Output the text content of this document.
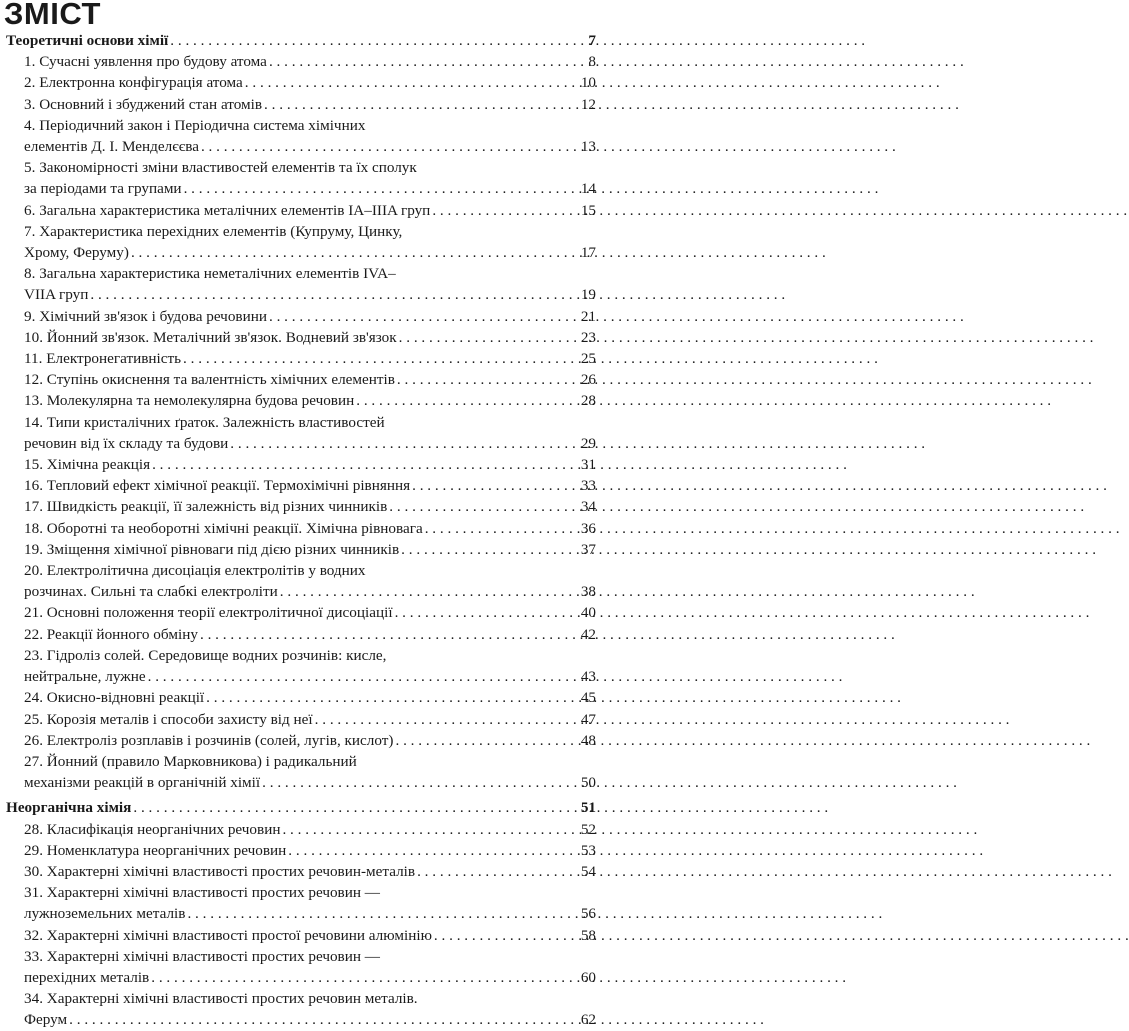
ЗМІСТ
Теоретичні основи хімії . . .	7
1. Сучасні уявлення про будову атома . . .	8
2. Електронна конфігурація атома . . .	10
3. Основний і збуджений стан атомів . . .	12
4. Періодичний закон і Періодична система хімічних
елементів Д. І. Менделєєва . . .	13
5. Закономірності зміни властивостей елементів та їх сполук
за періодами та групами . . .	14
6. Загальна характеристика металічних елементів IA–IIIA груп . . .	15
7. Характеристика перехідних елементів (Купруму, Цинку,
Хрому, Феруму) . . .	17
8. Загальна характеристика неметалічних елементів IVA–
VIIA груп . . .	19
9. Хімічний зв'язок і будова речовини . . .	21
10. Йонний зв'язок. Металічний зв'язок. Водневий зв'язок . . .	23
11. Електронегативність . . .	25
12. Ступінь окиснення та валентність хімічних елементів . . .	26
13. Молекулярна та немолекулярна будова речовин . . .	28
14. Типи кристалічних ґраток. Залежність властивостей
речовин від їх складу та будови . . .	29
15. Хімічна реакція . . .	31
16. Тепловий ефект хімічної реакції. Термохімічні рівняння . . .	33
17. Швидкість реакції, її залежність від різних чинників . . .	34
18. Оборотні та необоротні хімічні реакції. Хімічна рівновага . . .	36
19. Зміщення хімічної рівноваги під дією різних чинників . . .	37
20. Електролітична дисоціація електролітів у водних
розчинах. Сильні та слабкі електроліти . . .	38
21. Основні положення теорії електролітичної дисоціації . . .	40
22. Реакції йонного обміну . . .	42
23. Гідроліз солей. Середовище водних розчинів: кисле,
нейтральне, лужне . . .	43
24. Окисно-відновні реакції . . .	45
25. Корозія металів і способи захисту від неї . . .	47
26. Електроліз розплавів і розчинів (солей, лугів, кислот) . . .	48
27. Йонний (правило Марковникова) і радикальний
механізми реакцій в органічній хімії . . .	50
Неорганічна хімія . . .	51
28. Класифікація неорганічних речовин . . .	52
29. Номенклатура неорганічних речовин . . .	53
30. Характерні хімічні властивості простих речовин-металів . . .	54
31. Характерні хімічні властивості простих речовин —
лужноземельних металів . . .	56
32. Характерні хімічні властивості простої речовини алюмінію . . .	58
33. Характерні хімічні властивості простих речовин —
перехідних металів . . .	60
34. Характерні хімічні властивості простих речовин металів.
Ферум . . .	62
